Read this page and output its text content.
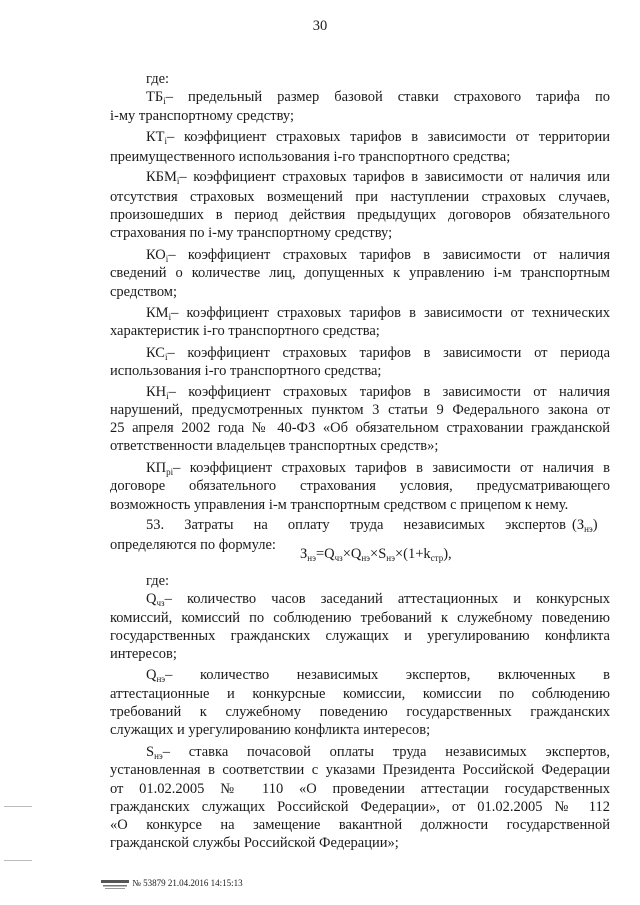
30
где:
$ТБ_i-$ предельный размер базовой ставки страхового тарифа по
i-му транспортному средству;
$КТ_i-$ коэффициент страховых тарифов в зависимости от территории
преимущественного использования i-го транспортного средства;
$КБМ_i-$ коэффициент страховых тарифов в зависимости от наличия или
отсутствия страховых возмещений при наступлении страховых случаев,
произошедших в период действия предыдущих договоров обязательного
страхования по i-му транспортному средству;
$КО_i-$ коэффициент страховых тарифов в зависимости от наличия
сведений о количестве лиц, допущенных к управлению i-м транспортным
средством;
$КМ_i-$ коэффициент страховых тарифов в зависимости от технических
характеристик i-го транспортного средства;
$КС_i-$ коэффициент страховых тарифов в зависимости от периода
использования i-го транспортного средства;
$КН_i-$ коэффициент страховых тарифов в зависимости от наличия
нарушений, предусмотренных пунктом 3 статьи 9 Федерального закона от
25 апреля 2002 года № 40-ФЗ «Об обязательном страховании гражданской
ответственности владельцев транспортных средств»;
$КП_{pi}-$ коэффициент страховых тарифов в зависимости от наличия в
договоре обязательного страхования условия, предусматривающего
возможность управления i-м транспортным средством с прицепом к нему.
53. Затраты на оплату труда независимых экспертов $(З_{нэ})$
определяются по формуле:
$З_{нэ}=Q_{чз}\times Q_{нэ}\times S_{нэ}\times(1+k_{стр})$,
где:
$Q_{чз}-$ количество часов заседаний аттестационных и конкурсных
комиссий, комиссий по соблюдению требований к служебному поведению
государственных гражданских служащих и урегулированию конфликта
интересов;
$Q_{нэ}-$ количество независимых экспертов, включенных в
аттестационные и конкурсные комиссии, комиссии по соблюдению
требований к служебному поведению государственных гражданских
служащих и урегулированию конфликта интересов;
$S_{нэ}-$ ставка почасовой оплаты труда независимых экспертов,
установленная в соответствии с указами Президента Российской Федерации
от 01.02.2005 № 110 «О проведении аттестации государственных
гражданских служащих Российской Федерации», от 01.02.2005 № 112
«О конкурсе на замещение вакантной должности государственной
гражданской службы Российской Федерации»;
№ 53879 21.04.2016 14:15:13
